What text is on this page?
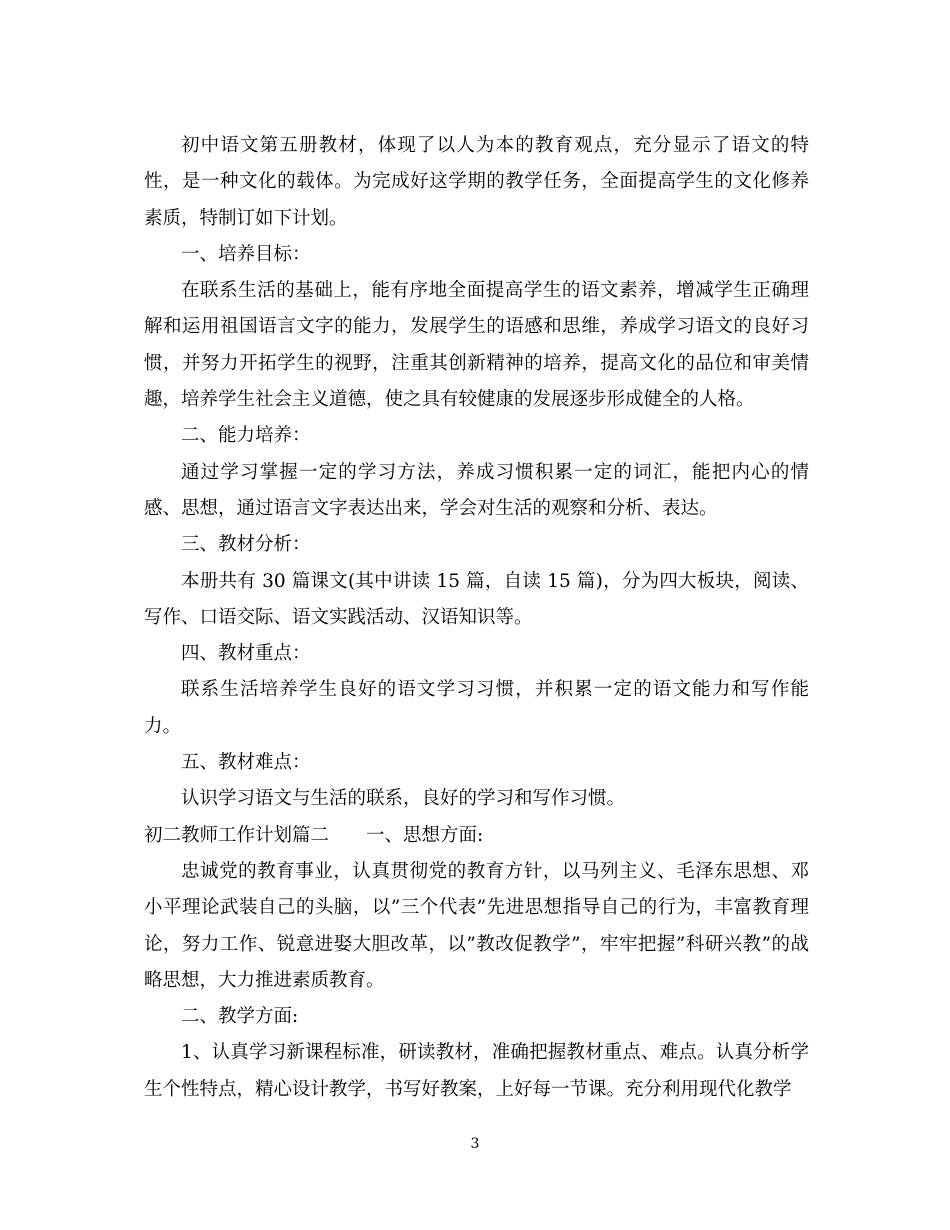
初中语文第五册教材，体现了以人为本的教育观点，充分显示了语文的特性，是一种文化的载体。为完成好这学期的教学任务，全面提高学生的文化修养素质，特制订如下计划。

一、培养目标：

在联系生活的基础上，能有序地全面提高学生的语文素养，增减学生正确理解和运用祖国语言文字的能力，发展学生的语感和思维，养成学习语文的良好习惯，并努力开拓学生的视野，注重其创新精神的培养，提高文化的品位和审美情趣，培养学生社会主义道德，使之具有较健康的发展逐步形成健全的人格。

二、能力培养：

通过学习掌握一定的学习方法，养成习惯积累一定的词汇，能把内心的情感、思想，通过语言文字表达出来，学会对生活的观察和分析、表达。

三、教材分析：

本册共有 30 篇课文(其中讲读 15 篇，自读 15 篇)，分为四大板块，阅读、写作、口语交际、语文实践活动、汉语知识等。

四、教材重点：

联系生活培养学生良好的语文学习习惯，并积累一定的语文能力和写作能力。

五、教材难点：

认识学习语文与生活的联系，良好的学习和写作习惯。

初二教师工作计划篇二　　一、思想方面:

忠诚党的教育事业，认真贯彻党的教育方针，以马列主义、毛泽东思想、邓小平理论武装自己的头脑，以”三个代表”先进思想指导自己的行为，丰富教育理论，努力工作、锐意进娶大胆改革，以”教改促教学”，牢牢把握”科研兴教”的战略思想，大力推进素质教育。

二、教学方面:

1、认真学习新课程标准，研读教材，准确把握教材重点、难点。认真分析学生个性特点，精心设计教学，书写好教案，上好每一节课。充分利用现代化教学

3
